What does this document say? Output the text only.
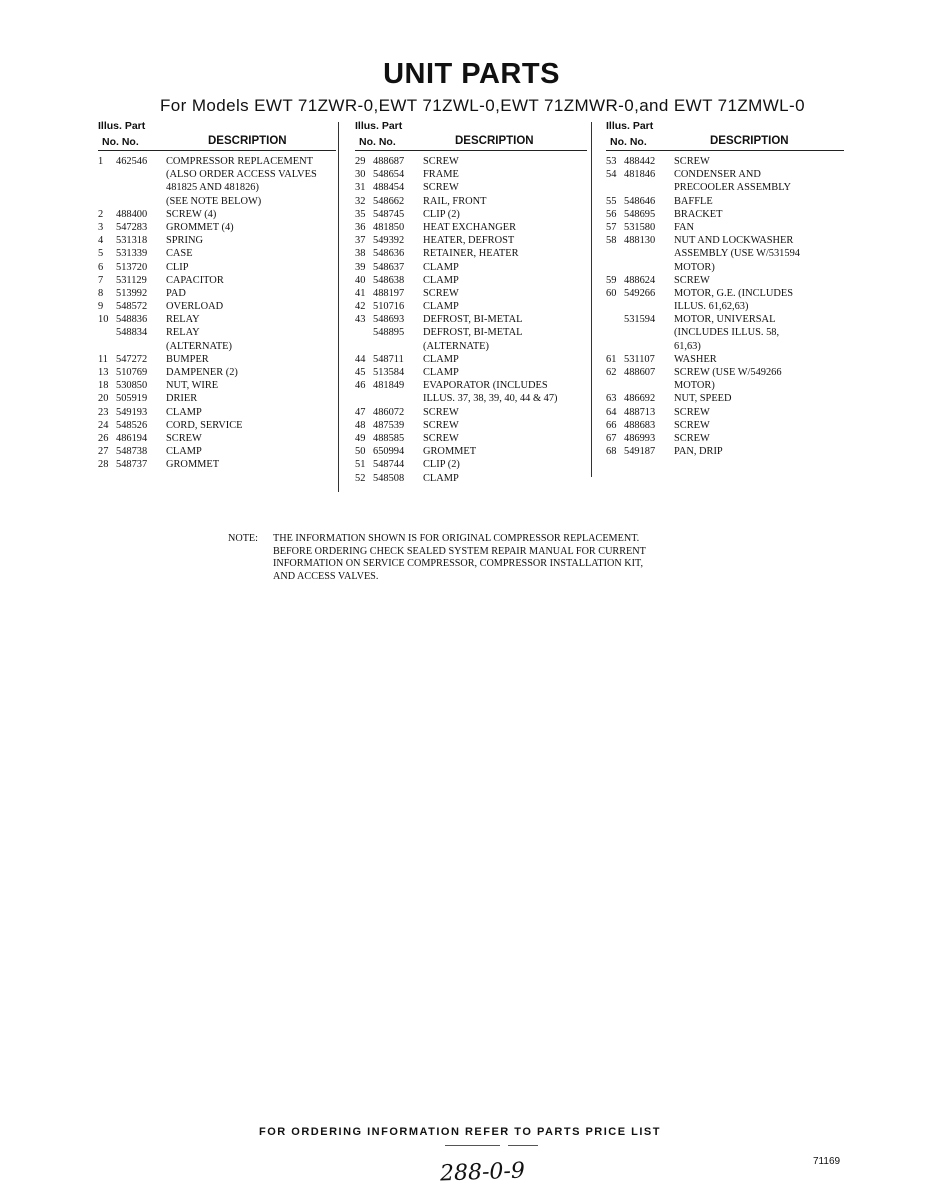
UNIT PARTS
For Models EWT 71ZWR-0,EWT 71ZWL-0,EWT 71ZMWR-0,and EWT 71ZMWL-0
Illus. Part
No. No.	DESCRIPTION
1	462546 COMPRESSOR REPLACEMENT
(ALSO ORDER ACCESS VALVES
481825 AND 481826)
(SEE NOTE BELOW)
2	488400 SCREW (4)
3	547283 GROMMET (4)
4	531318 SPRING
5	531339 CASE
6	513720 CLIP
7	531129 CAPACITOR
8	513992 PAD
9	548572 OVERLOAD
10 548836 RELAY
548834 RELAY
(ALTERNATE)
11 547272 BUMPER
13 510769 DAMPENER (2)
18 530850 NUT, WIRE
20 505919 DRIER
23 549193 CLAMP
24 548526 CORD, SERVICE
26 486194 SCREW
27 548738 CLAMP
28 548737 GROMMET
Illus. Part
No. No.	DESCRIPTION
29 488687 SCREW
30 548654 FRAME
31 488454 SCREW
32 548662 RAIL, FRONT
35 548745 CLIP (2)
36 481850 HEAT EXCHANGER
37 549392 HEATER, DEFROST
38 548636 RETAINER, HEATER
39 548637 CLAMP
40 548638 CLAMP
41 488197 SCREW
42 510716 CLAMP
43 548693 DEFROST, BI-METAL
548895 DEFROST, BI-METAL
(ALTERNATE)
44 548711 CLAMP
45 513584 CLAMP
46 481849 EVAPORATOR (INCLUDES
ILLUS. 37, 38, 39, 40, 44 & 47)
47 486072 SCREW
48 487539 SCREW
49 488585 SCREW
50 650994 GROMMET
51 548744 CLIP (2)
52 548508 CLAMP
Illus. Part
No. No.	DESCRIPTION
53 488442 SCREW
54 481846 CONDENSER AND
PRECOOLER ASSEMBLY
55 548646 BAFFLE
56 548695 BRACKET
57 531580 FAN
58 488130 NUT AND LOCKWASHER
ASSEMBLY (USE W/531594
MOTOR)
59 488624 SCREW
60 549266 MOTOR, G.E. (INCLUDES
ILLUS. 61,62,63)
531594 MOTOR, UNIVERSAL
(INCLUDES ILLUS. 58,
61,63)
61 531107 WASHER
62 488607 SCREW (USE W/549266
MOTOR)
63 486692 NUT, SPEED
64 488713 SCREW
66 488683 SCREW
67 486993 SCREW
68 549187 PAN, DRIP
NOTE: THE INFORMATION SHOWN IS FOR ORIGINAL COMPRESSOR REPLACEMENT.
BEFORE ORDERING CHECK SEALED SYSTEM REPAIR MANUAL FOR CURRENT
INFORMATION ON SERVICE COMPRESSOR, COMPRESSOR INSTALLATION KIT,
AND ACCESS VALVES.
FOR ORDERING INFORMATION REFER TO PARTS PRICE LIST
288-0-9	71169
